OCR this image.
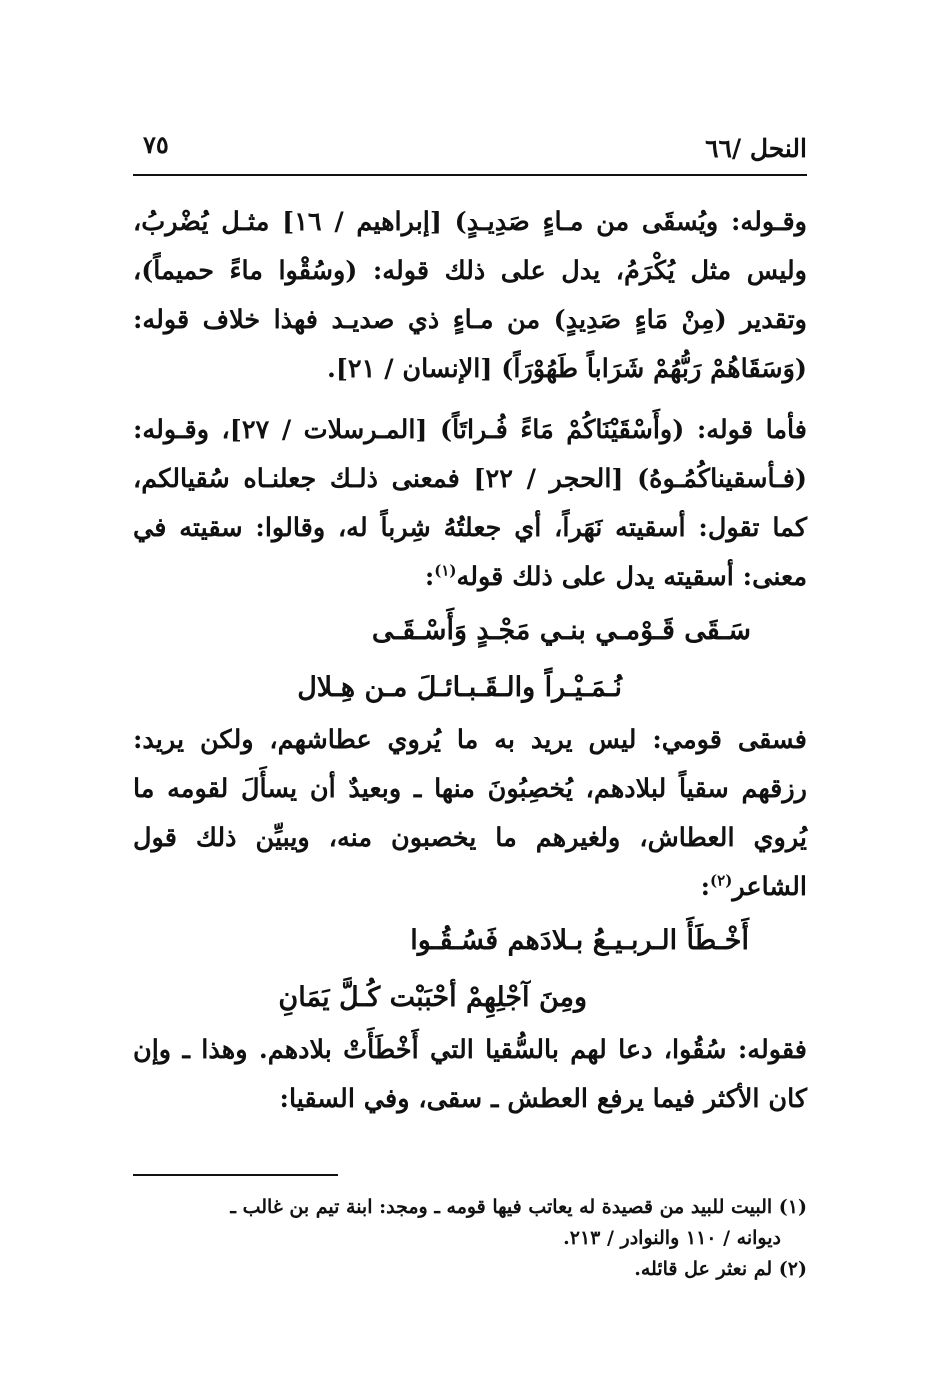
النحل /٦٦
٧٥

وقـوله: ويُسقَى من مـاءٍ صَدِيـدٍ) [إبراهيم / ١٦] مثـل يُضْربُ، وليس مثل يُكْرَمُ، يدل على ذلك قوله: (وسُقْوا ماءً حميماً)، وتقدير (مِنْ مَاءٍ صَدِيدٍ) من مـاءٍ ذي صديـد فهذا خلاف قوله: (وَسَقَاهُمْ رَبُّهُمْ شَرَاباً طَهُوْرَاً) [الإنسان / ٢١].

فأما قوله: (وأَسْقَيْنَاكُمْ مَاءً فُـراتَاً) [المـرسلات / ٢٧]، وقـوله: (فـأسقيناكُمُـوهُ) [الحجر / ٢٢] فمعنى ذلـك جعلنـاه سُقيالكم، كما تقول: أسقيته نَهَراً، أي جعلتُهُ شِرباً له، وقالوا: سقيته في معنى: أسقيته يدل على ذلك قوله$^{(١)}$:

سَـقَى قَـوْمـي بنـي مَجْـدٍ وَأَسْـقَـى

نُـمَـيْـراً والـقَـبـائـلَ مـن هِـلال

فسقى قومي: ليس يريد به ما يُروي عطاشهم، ولكن يريد: رزقهم سقياً لبلادهم، يُخصِبُونَ منها ـ وبعيدٌ أن يسأَلَ لقومه ما يُروي العطاش، ولغيرهم ما يخصبون منه، ويبيِّن ذلك قول الشاعر$^{(٢)}$:

أَخْـطَأَ الـربـيـعُ بـلادَهم فَسُـقُـوا

ومِنَ آجْلِهِمْ أحْبَبْت كُـلَّ يَمَانِ

فقوله: سُقُوا، دعا لهم بالسُّقيا التي أَخْطَأَتْ بلادهم. وهذا ـ وإن كان الأكثر فيما يرفع العطش ـ سقى، وفي السقيا:

(١) البيت للبيد من قصيدة له يعاتب فيها قومه ـ ومجد: ابنة تيم بن غالب ـ

ديوانه / ١١٠ والنوادر / ٢١٣.

(٢) لم نعثر عل قائله.
